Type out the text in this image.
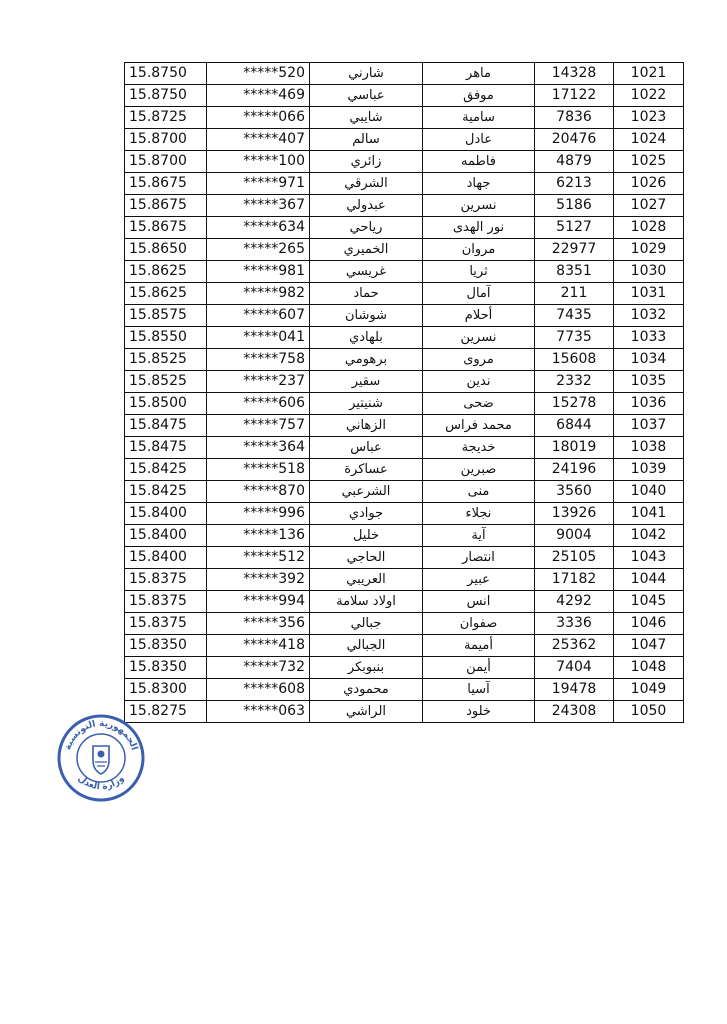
15.8750	*****520	شارني	ماهر	14328	1021
15.8750	*****469	عباسي	موفق	17122	1022
15.8725	*****066	شايبي	سامية	7836	1023
15.8700	*****407	سالم	عادل	20476	1024
15.8700	*****100	زائري	فاطمه	4879	1025
15.8675	*****971	الشرقي	جهاد	6213	1026
15.8675	*****367	عبدولي	نسرين	5186	1027
15.8675	*****634	رياحي	نور الهدى	5127	1028
15.8650	*****265	الخميري	مروان	22977	1029
15.8625	*****981	غريسي	ثريا	8351	1030
15.8625	*****982	حماد	آمال	211	1031
15.8575	*****607	شوشان	أحلام	7435	1032
15.8550	*****041	بلهادي	نسرين	7735	1033
15.8525	*****758	برهومي	مروى	15608	1034
15.8525	*****237	سقير	ندين	2332	1035
15.8500	*****606	شنيتير	ضحى	15278	1036
15.8475	*****757	الزهاني	محمد فراس	6844	1037
15.8475	*****364	عباس	خديجة	18019	1038
15.8425	*****518	عساكرة	صبرين	24196	1039
15.8425	*****870	الشرعبي	منى	3560	1040
15.8400	*****996	جوادي	نجلاء	13926	1041
15.8400	*****136	خليل	آية	9004	1042
15.8400	*****512	الحاجي	انتصار	25105	1043
15.8375	*****392	العريبي	عبير	17182	1044
15.8375	*****994	اولاد سلامة	انس	4292	1045
15.8375	*****356	جبالي	صفوان	3336	1046
15.8350	*****418	الجبالي	أميمة	25362	1047
15.8350	*****732	بنبوبكر	أيمن	7404	1048
15.8300	*****608	محمودي	آسيا	19478	1049
15.8275	*****063	الراشي	خلود	24308	1050
الجمهورية التونسية
وزارة العدل
